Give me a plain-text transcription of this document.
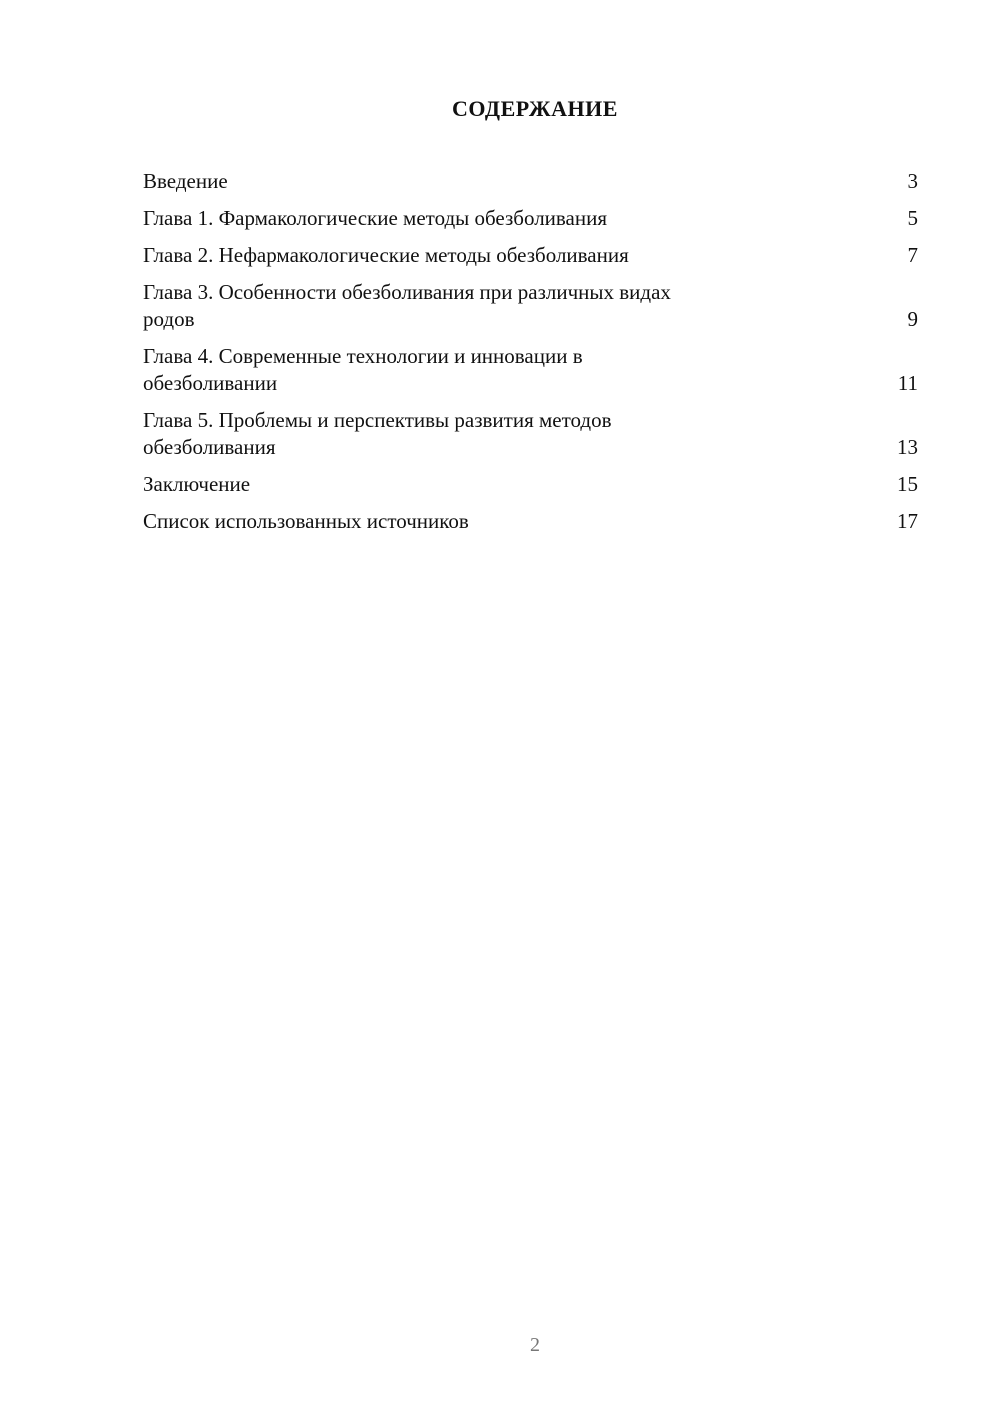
СОДЕРЖАНИЕ
Введение	3
Глава 1. Фармакологические методы обезболивания	5
Глава 2. Нефармакологические методы обезболивания	7
Глава 3. Особенности обезболивания при различных видах
родов	9
Глава 4. Современные технологии и инновации в
обезболивании	11
Глава 5. Проблемы и перспективы развития методов
обезболивания	13
Заключение	15
Список использованных источников	17
2
